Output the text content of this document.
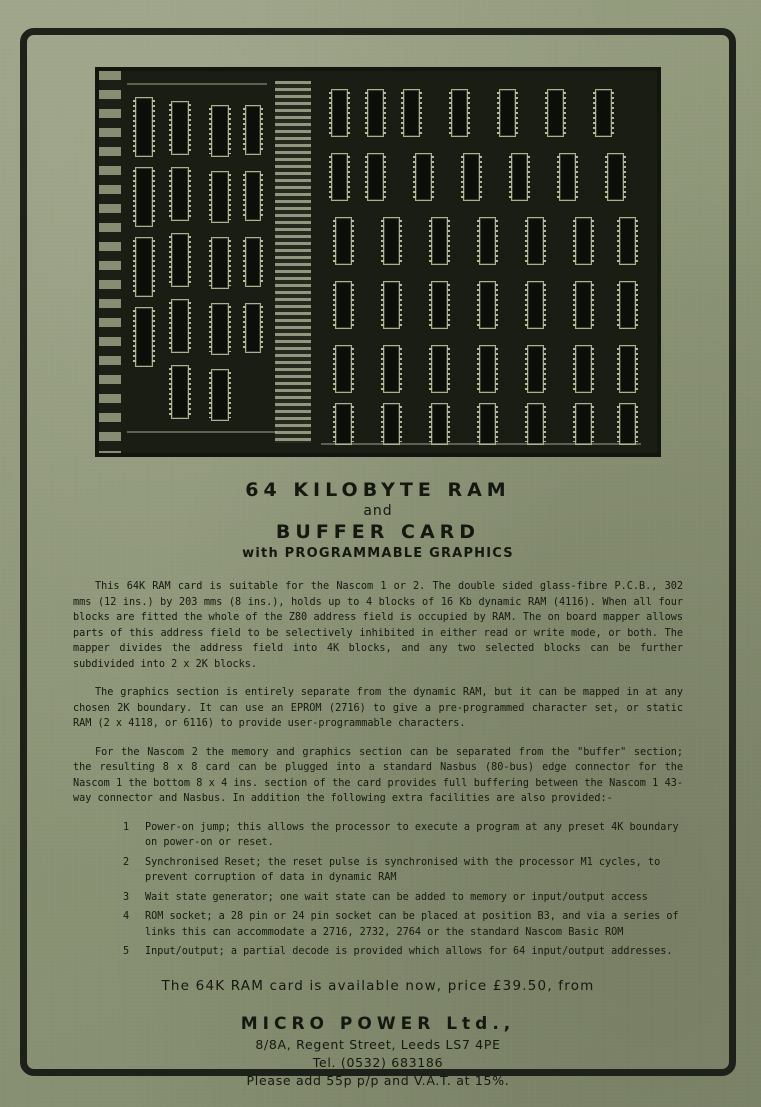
64 KILOBYTE RAM
and
BUFFER CARD
with PROGRAMMABLE GRAPHICS

This 64K RAM card is suitable for the Nascom 1 or 2. The double sided glass-fibre P.C.B., 302 mms (12 ins.) by 203 mms (8 ins.), holds up to 4 blocks of 16 Kb dynamic RAM (4116). When all four blocks are fitted the whole of the Z80 address field is occupied by RAM. The on board mapper allows parts of this address field to be selectively inhibited in either read or write mode, or both. The mapper divides the address field into 4K blocks, and any two selected blocks can be further subdivided into 2 x 2K blocks.

The graphics section is entirely separate from the dynamic RAM, but it can be mapped in at any chosen 2K boundary. It can use an EPROM (2716) to give a pre-programmed character set, or static RAM (2 x 4118, or 6116) to provide user-programmable characters.

For the Nascom 2 the memory and graphics section can be separated from the "buffer" section; the resulting 8 x 8 card can be plugged into a standard Nasbus (80-bus) edge connector for the Nascom 1 the bottom 8 x 4 ins. section of the card provides full buffering between the Nascom 1 43-way connector and Nasbus. In addition the following extra facilities are also provided:-

1	Power-on jump; this allows the processor to execute a program at any preset 4K boundary on power-on or reset.
2	Synchronised Reset; the reset pulse is synchronised with the processor M1 cycles, to prevent corruption of data in dynamic RAM
3	Wait state generator; one wait state can be added to memory or input/output access
4	ROM socket; a 28 pin or 24 pin socket can be placed at position B3, and via a series of links this can accommodate a 2716, 2732, 2764 or the standard Nascom Basic ROM
5	Input/output; a partial decode is provided which allows for 64 input/output addresses.
The 64K RAM card is available now, price £39.50, from
MICRO POWER Ltd.,
8/8A, Regent Street, Leeds LS7 4PE
Tel. (0532) 683186
Please add 55p p/p and V.A.T. at 15%.
